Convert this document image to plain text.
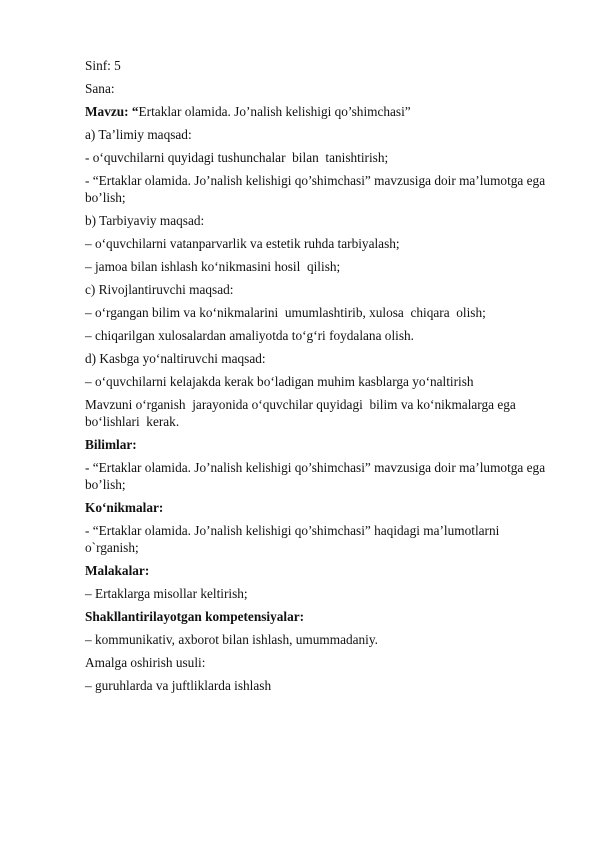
Sinf: 5

Sana:

Mavzu: “Ertaklar olamida. Jo’nalish kelishigi qo’shimchasi”

a) Ta’limiy maqsad:

- o‘quvchilarni quyidagi tushunchalar  bilan  tanishtirish;

- “Ertaklar olamida. Jo’nalish kelishigi qo’shimchasi” mavzusiga doir ma’lumotga ega bo’lish;

b) Tarbiyaviy maqsad:

– o‘quvchilarni vatanparvarlik va estetik ruhda tarbiyalash;

– jamoa bilan ishlash ko‘nikmasini hosil  qilish;

c) Rivojlantiruvchi maqsad:

– o‘rgangan bilim va ko‘nikmalarini  umumlashtirib, xulosa  chiqara  olish;

– chiqarilgan xulosalardan amaliyotda to‘g‘ri foydalana olish.

d) Kasbga yo‘naltiruvchi maqsad:

– o‘quvchilarni kelajakda kerak bo‘ladigan muhim kasblarga yo‘naltirish

Mavzuni o‘rganish  jarayonida o‘quvchilar quyidagi  bilim va ko‘nikmalarga ega bo‘lishlari  kerak.

Bilimlar:

- “Ertaklar olamida. Jo’nalish kelishigi qo’shimchasi” mavzusiga doir ma’lumotga ega bo’lish;

Ko‘nikmalar:

- “Ertaklar olamida. Jo’nalish kelishigi qo’shimchasi” haqidagi ma’lumotlarni o`rganish;

Malakalar:

– Ertaklarga misollar keltirish;

Shakllantirilayotgan kompetensiyalar:

– kommunikativ, axborot bilan ishlash, umummadaniy.

Amalga oshirish usuli:

– guruhlarda va juftliklarda ishlash
